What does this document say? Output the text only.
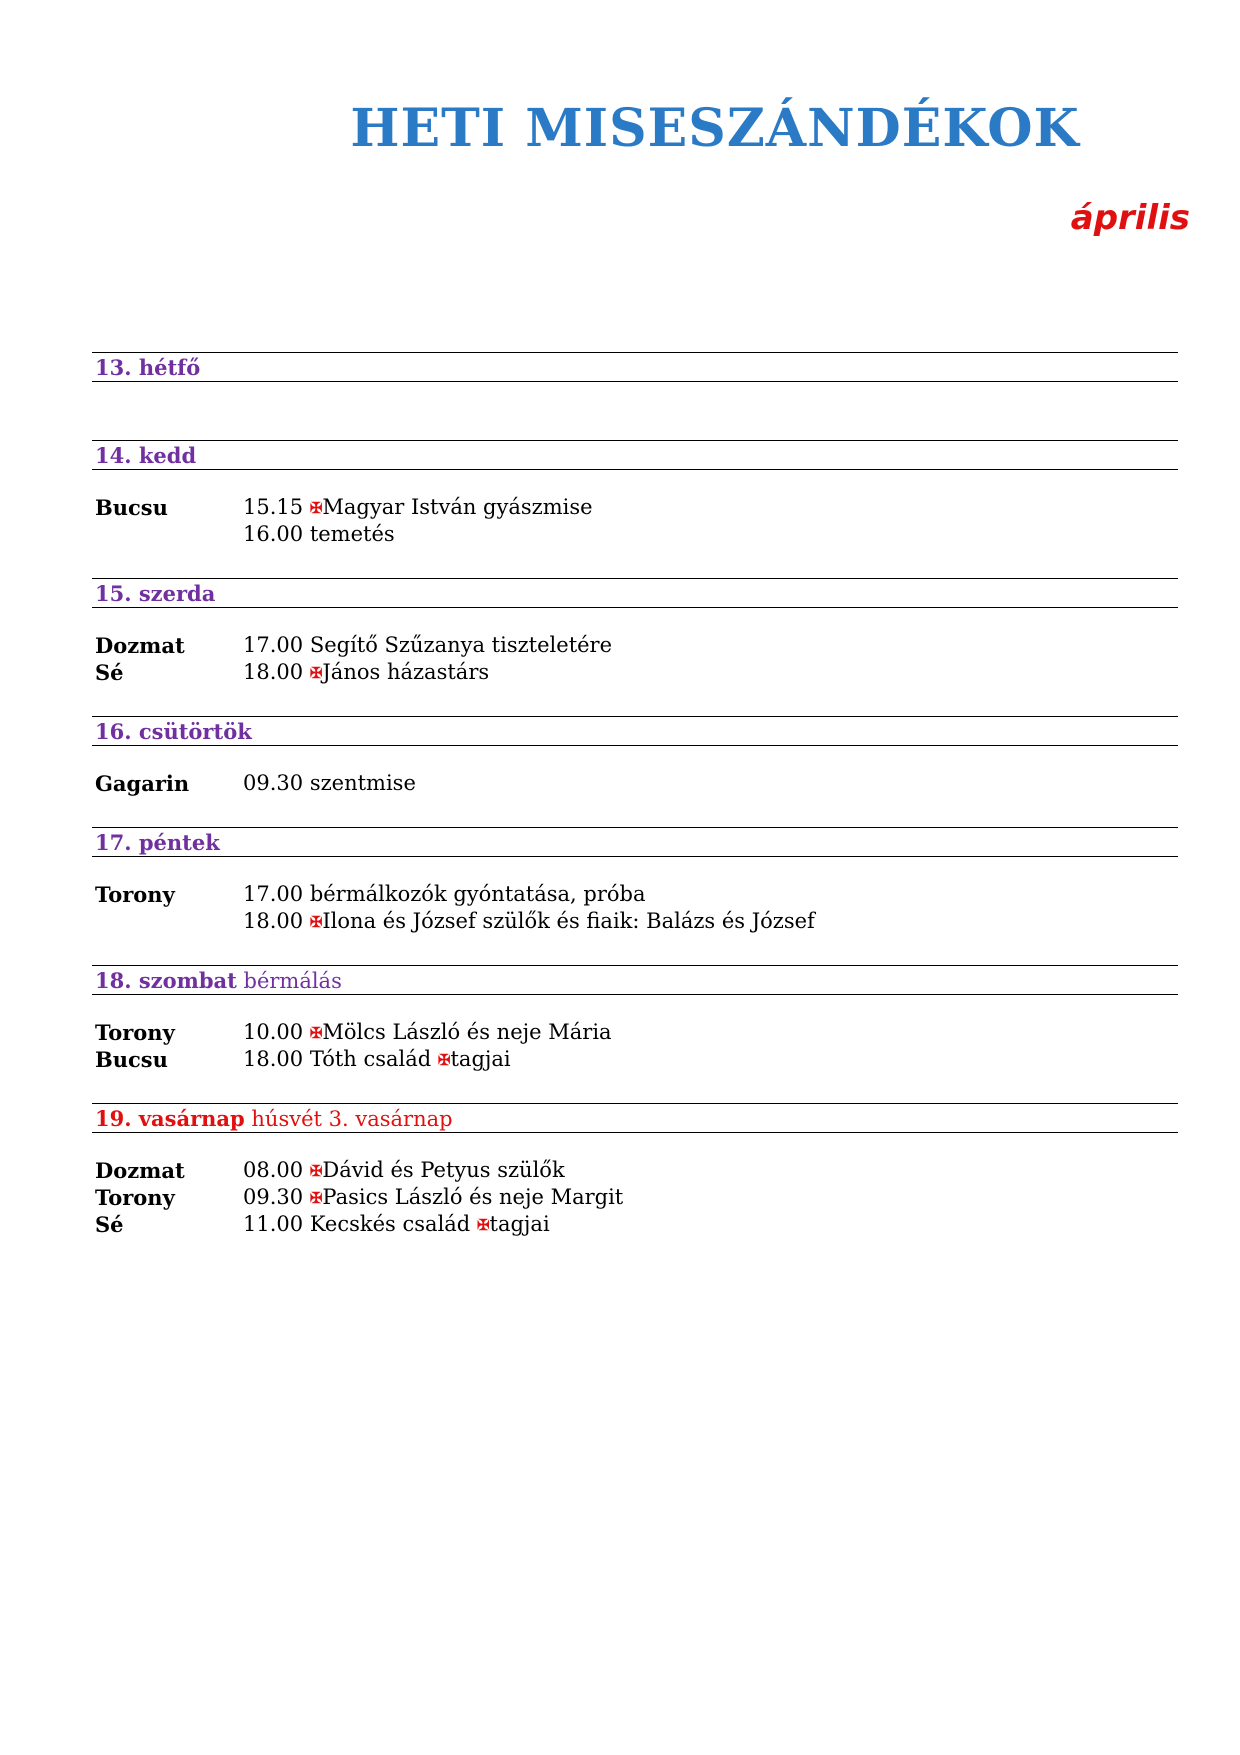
HETI MISESZÁNDÉKOK
április
13. hétfő
14. kedd
Bucsu	15.15 ✠Magyar István gyászmise
16.00 temetés
15. szerda
Dozmat	17.00 Segítő Szűzanya tiszteletére
Sé	18.00 ✠János házastárs
16. csütörtök
Gagarin	09.30 szentmise
17. péntek
Torony	17.00 bérmálkozók gyóntatása, próba
18.00 ✠Ilona és József szülők és fiaik: Balázs és József
18. szombat bérmálás
Torony	10.00 ✠Mölcs László és neje Mária
Bucsu	18.00 Tóth család ✠tagjai
19. vasárnap húsvét 3. vasárnap
Dozmat	08.00 ✠Dávid és Petyus szülők
Torony	09.30 ✠Pasics László és neje Margit
Sé	11.00 Kecskés család ✠tagjai
